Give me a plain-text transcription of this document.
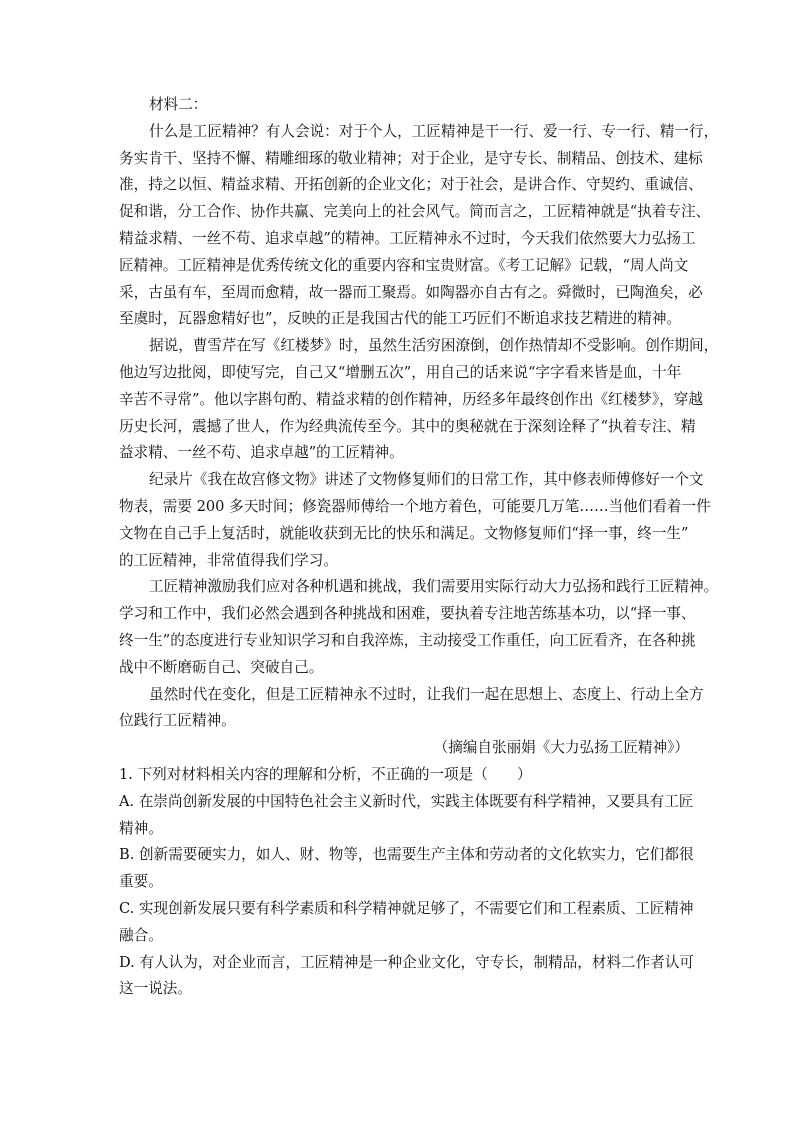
材料二：

什么是工匠精神？有人会说：对于个人，工匠精神是干一行、爱一行、专一行、精一行，

务实肯干、坚持不懈、精雕细琢的敬业精神；对于企业，是守专长、制精品、创技术、建标

准，持之以恒、精益求精、开拓创新的企业文化；对于社会，是讲合作、守契约、重诚信、

促和谐，分工合作、协作共赢、完美向上的社会风气。简而言之，工匠精神就是“执着专注、

精益求精、一丝不苟、追求卓越”的精神。工匠精神永不过时，今天我们依然要大力弘扬工

匠精神。工匠精神是优秀传统文化的重要内容和宝贵财富。《考工记解》记载，“周人尚文

采，古虽有车，至周而愈精，故一器而工聚焉。如陶器亦自古有之。舜微时，已陶渔矣，必

至虞时，瓦器愈精好也”，反映的正是我国古代的能工巧匠们不断追求技艺精进的精神。

据说，曹雪芹在写《红楼梦》时，虽然生活穷困潦倒，创作热情却不受影响。创作期间，

他边写边批阅，即使写完，自己又“增删五次”，用自己的话来说“字字看来皆是血，十年

辛苦不寻常”。他以字斟句酌、精益求精的创作精神，历经多年最终创作出《红楼梦》，穿越

历史长河，震撼了世人，作为经典流传至今。其中的奥秘就在于深刻诠释了“执着专注、精

益求精、一丝不苟、追求卓越”的工匠精神。

纪录片《我在故宫修文物》讲述了文物修复师们的日常工作，其中修表师傅修好一个文

物表，需要 200 多天时间；修瓷器师傅给一个地方着色，可能要几万笔……当他们看着一件

文物在自己手上复活时，就能收获到无比的快乐和满足。文物修复师们“择一事，终一生”

的工匠精神，非常值得我们学习。

工匠精神激励我们应对各种机遇和挑战，我们需要用实际行动大力弘扬和践行工匠精神。

学习和工作中，我们必然会遇到各种挑战和困难，要执着专注地苦练基本功，以“择一事、

终一生”的态度进行专业知识学习和自我淬炼，主动接受工作重任，向工匠看齐，在各种挑

战中不断磨砺自己、突破自己。

虽然时代在变化，但是工匠精神永不过时，让我们一起在思想上、态度上、行动上全方

位践行工匠精神。

（摘编自张丽娟《大力弘扬工匠精神》）

1. 下列对材料相关内容的理解和分析，不正确的一项是（　　）

A. 在崇尚创新发展的中国特色社会主义新时代，实践主体既要有科学精神，又要具有工匠

精神。

B. 创新需要硬实力，如人、财、物等，也需要生产主体和劳动者的文化软实力，它们都很

重要。

C. 实现创新发展只要有科学素质和科学精神就足够了，不需要它们和工程素质、工匠精神

融合。

D. 有人认为，对企业而言，工匠精神是一种企业文化，守专长，制精品，材料二作者认可

这一说法。
